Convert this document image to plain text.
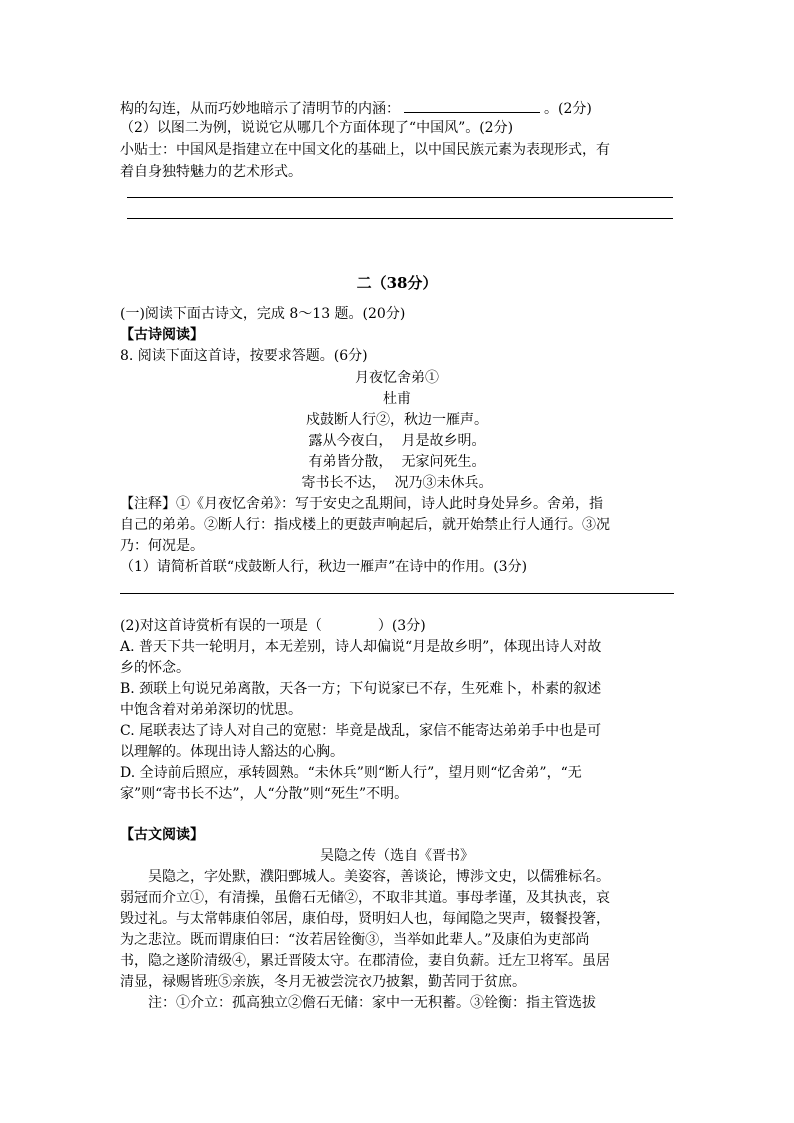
构的勾连，从而巧妙地暗示了清明节的内涵：	。(2分)
（2）以图二为例，说说它从哪几个方面体现了“中国风”。(2分)
小贴士：中国风是指建立在中国文化的基础上，以中国民族元素为表现形式，有
着自身独特魅力的艺术形式。
二（38分）
(一)阅读下面古诗文，完成 8～13 题。(20分)
【古诗阅读】
8. 阅读下面这首诗，按要求答题。(6分)
月夜忆舍弟①
杜甫
戍鼓断人行②，秋边一雁声。
露从今夜白，  月是故乡明。
有弟皆分散，  无家问死生。
寄书长不达，  况乃③未休兵。
【注释】①《月夜忆舍弟》：写于安史之乱期间，诗人此时身处异乡。舍弟，指
自己的弟弟。②断人行：指戍楼上的更鼓声响起后，就开始禁止行人通行。③况
乃：何况是。
（1）请简析首联“戍鼓断人行，秋边一雁声”在诗中的作用。(3分)
(2)对这首诗赏析有误的一项是（	）(3分)
A. 普天下共一轮明月，本无差别，诗人却偏说“月是故乡明”，体现出诗人对故
乡的怀念。
B. 颈联上句说兄弟离散，天各一方；下句说家已不存，生死难卜，朴素的叙述
中饱含着对弟弟深切的忧思。
C. 尾联表达了诗人对自己的宽慰：毕竟是战乱，家信不能寄达弟弟手中也是可
以理解的。体现出诗人豁达的心胸。
D. 全诗前后照应，承转圆熟。“未休兵”则“断人行”，望月则“忆舍弟”，“无
家”则“寄书长不达”，人“分散”则“死生”不明。
【古文阅读】
吴隐之传（选自《晋书》
吴隐之，字处默，濮阳鄄城人。美姿容，善谈论，博涉文史，以儒雅标名。
弱冠而介立①，有清操，虽儋石无储②，不取非其道。事母孝谨，及其执丧，哀
毁过礼。与太常韩康伯邻居，康伯母，贤明妇人也，每闻隐之哭声，辍餐投箸，
为之悲泣。既而谓康伯曰：“汝若居铨衡③，当举如此辈人。”及康伯为吏部尚
书，隐之遂阶清级④，累迁晋陵太守。在郡清俭，妻自负薪。迁左卫将军。虽居
清显，禄赐皆班⑤亲族，冬月无被尝浣衣乃披絮，勤苦同于贫庶。
注：①介立：孤高独立②儋石无储：家中一无积蓄。③铨衡：指主管选拔
